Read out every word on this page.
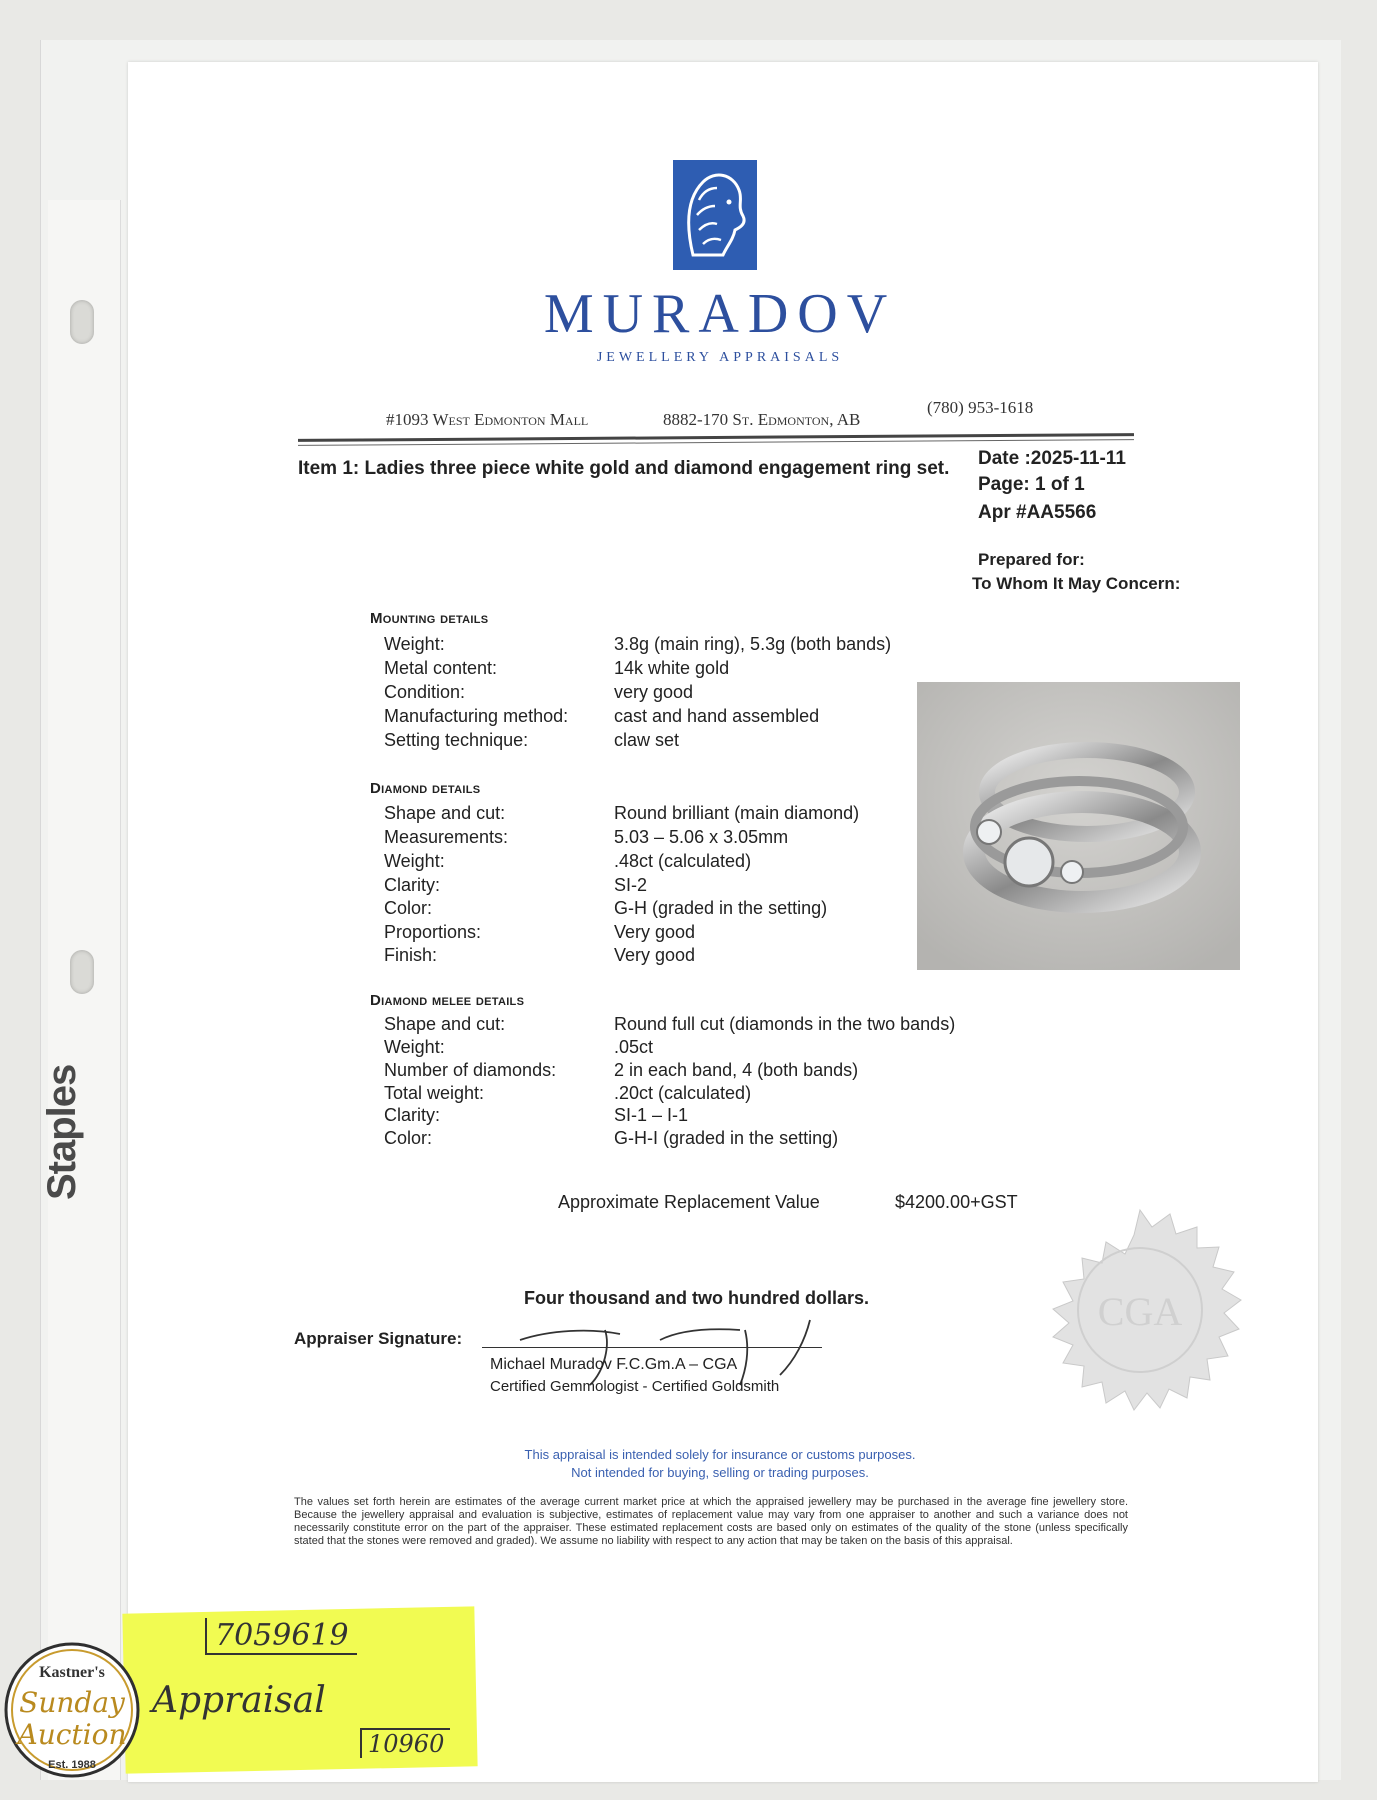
Staples
MURADOV
JEWELLERY APPRAISALS
#1093 West Edmonton Mall	8882-170 St. Edmonton, AB
(780) 953-1618
Item 1: Ladies three piece white gold and diamond engagement ring set. Date :2025-11-11
Page: 1 of 1
Apr #AA5566
Prepared for:
To Whom It May Concern:
Mounting details
Weight:	3.8g (main ring), 5.3g (both bands)
Metal content:	14k white gold
Condition:	very good
Manufacturing method:	cast and hand assembled
Setting technique:	claw set
Diamond details
Shape and cut:	Round brilliant (main diamond)
Measurements:	5.03 – 5.06 x 3.05mm
Weight:	.48ct (calculated)
Clarity:	SI-2
Color:	G-H (graded in the setting)
Proportions:	Very good
Finish:	Very good
Diamond melee details
Shape and cut:	Round full cut (diamonds in the two bands)
Weight:	.05ct
Number of diamonds:	2 in each band, 4 (both bands)
Total weight:	.20ct (calculated)
Clarity:	SI-1 – I-1
Color:	G-H-I (graded in the setting)
Approximate Replacement Value	$4200.00+GST
Four thousand and two hundred dollars.
Appraiser Signature:
Michael Muradov F.C.Gm.A – CGA
Certified Gemmologist - Certified Goldsmith
CGA
This appraisal is intended solely for insurance or customs purposes.
Not intended for buying, selling or trading purposes.
The values set forth herein are estimates of the average current market price at which the appraised jewellery may be purchased in the average fine jewellery store. Because the jewellery appraisal and evaluation is subjective, estimates of replacement value may vary from one appraiser to another and such a variance does not necessarily constitute error on the part of the appraiser. These estimated replacement costs are based only on estimates of the quality of the stone (unless specifically stated that the stones were removed and graded). We assume no liability with respect to any action that may be taken on the basis of this appraisal.
7059619
Appraisal
10960
Kastner's
Sunday
Auction
Est. 1988
